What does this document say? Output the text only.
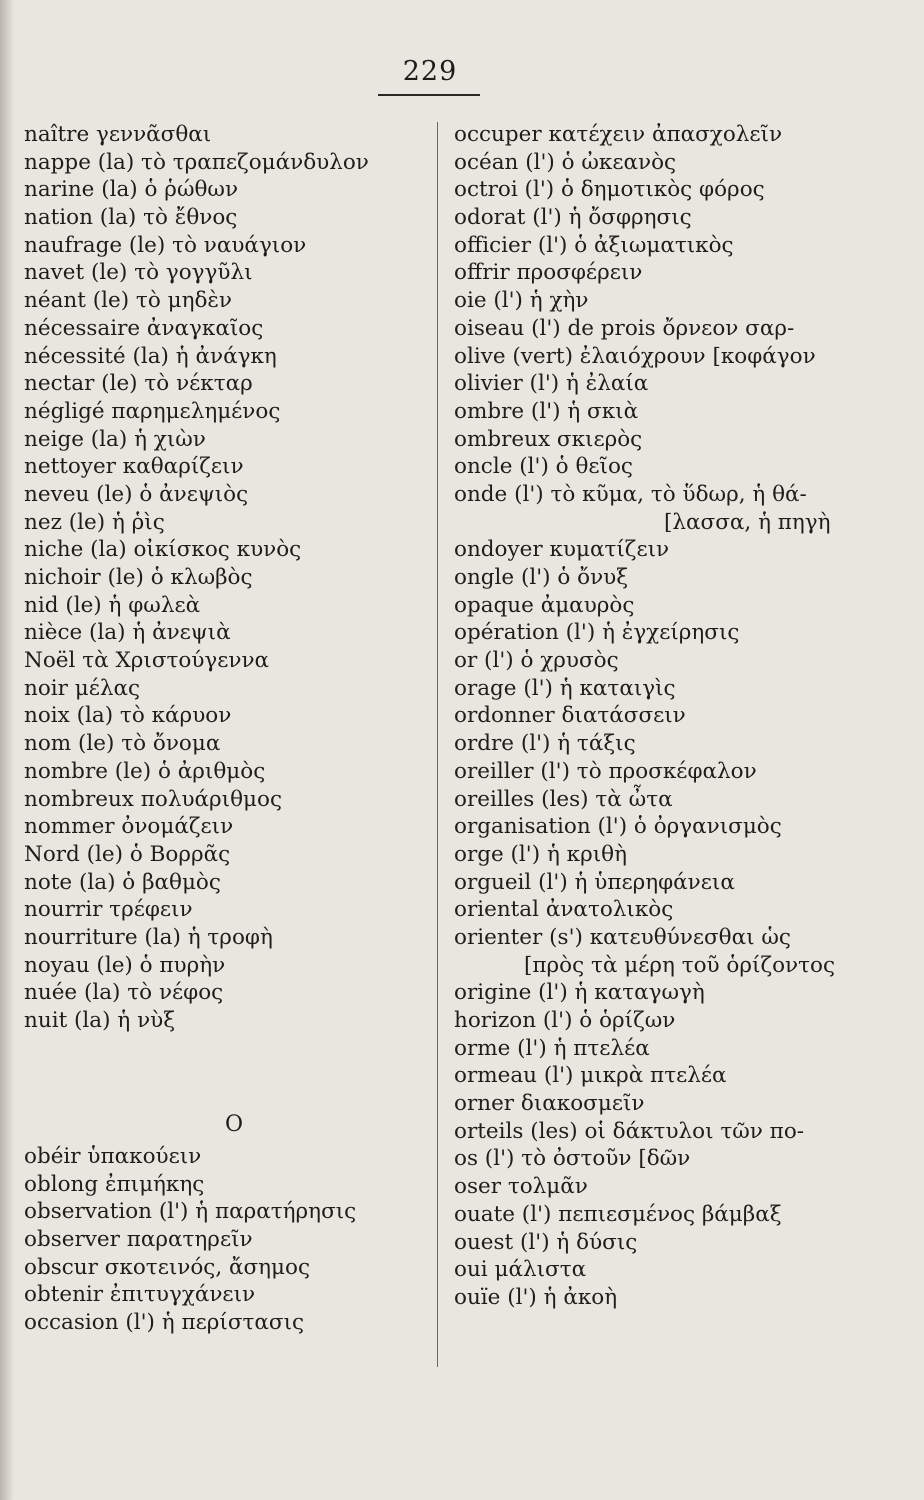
229
naître γεννᾶσθαι
nappe (la) τὸ τραπεζομάνδυλον
narine (la) ὁ ῥώθων
nation (la) τὸ ἔθνος
naufrage (le) τὸ ναυάγιον
navet (le) τὸ γογγῦλι
néant (le) τὸ μηδὲν
nécessaire ἀναγκαῖος
nécessité (la) ἡ ἀνάγκη
nectar (le) τὸ νέκταρ
négligé παρημελημένος
neige (la) ἡ χιὼν
nettoyer καθαρίζειν
neveu (le) ὁ ἀνεψιὸς
nez (le) ἡ ῥὶς
niche (la) οἰκίσκος κυνὸς
nichoir (le) ὁ κλωβὸς
nid (le) ἡ φωλεὰ
nièce (la) ἡ ἀνεψιὰ
Noël τὰ Χριστούγεννα
noir μέλας
noix (la) τὸ κάρυον
nom (le) τὸ ὄνομα
nombre (le) ὁ ἀριθμὸς
nombreux πολυάριθμος
nommer ὀνομάζειν
Nord (le) ὁ Βορρᾶς
note (la) ὁ βαθμὸς
nourrir τρέφειν
nourriture (la) ἡ τροφὴ
noyau (le) ὁ πυρὴν
nuée (la) τὸ νέφος
nuit (la) ἡ νὺξ
O
obéir ὑπακούειν
oblong ἐπιμήκης
observation (l') ἡ παρατήρησις
observer παρατηρεῖν
obscur σκοτεινός, ἄσημος
obtenir ἐπιτυγχάνειν
occasion (l') ἡ περίστασις
occuper κατέχειν ἀπασχολεῖν
océan (l') ὁ ὠκεανὸς
octroi (l') ὁ δημοτικὸς φόρος
odorat (l') ἡ ὄσφρησις
officier (l') ὁ ἀξιωματικὸς
offrir προσφέρειν
oie (l') ἡ χὴν
oiseau (l') de prois ὄρνεον σαρ-
olive (vert) ἐλαιόχρουν [κοφάγον
olivier (l') ἡ ἐλαία
ombre (l') ἡ σκιὰ
ombreux σκιερὸς
oncle (l') ὁ θεῖος
onde (l') τὸ κῦμα, τὸ ὕδωρ, ἡ θά-
[λασσα, ἡ πηγὴ
ondoyer κυματίζειν
ongle (l') ὁ ὄνυξ
opaque ἀμαυρὸς
opération (l') ἡ ἐγχείρησις
or (l') ὁ χρυσὸς
orage (l') ἡ καταιγὶς
ordonner διατάσσειν
ordre (l') ἡ τάξις
oreiller (l') τὸ προσκέφαλον
oreilles (les) τὰ ὦτα
organisation (l') ὁ ὀργανισμὸς
orge (l') ἡ κριθὴ
orgueil (l') ἡ ὑπερηφάνεια
oriental ἀνατολικὸς
orienter (s') κατευθύνεσθαι ὡς
[πρὸς τὰ μέρη τοῦ ὁρίζοντος
origine (l') ἡ καταγωγὴ
horizon (l') ὁ ὁρίζων
orme (l') ἡ πτελέα
ormeau (l') μικρὰ πτελέα
orner διακοσμεῖν
orteils (les) οἱ δάκτυλοι τῶν πο-
os (l') τὸ ὀστοῦν [δῶν
oser τολμᾶν
ouate (l') πεπιεσμένος βάμβαξ
ouest (l') ἡ δύσις
oui μάλιστα
ouïe (l') ἡ ἀκοὴ
